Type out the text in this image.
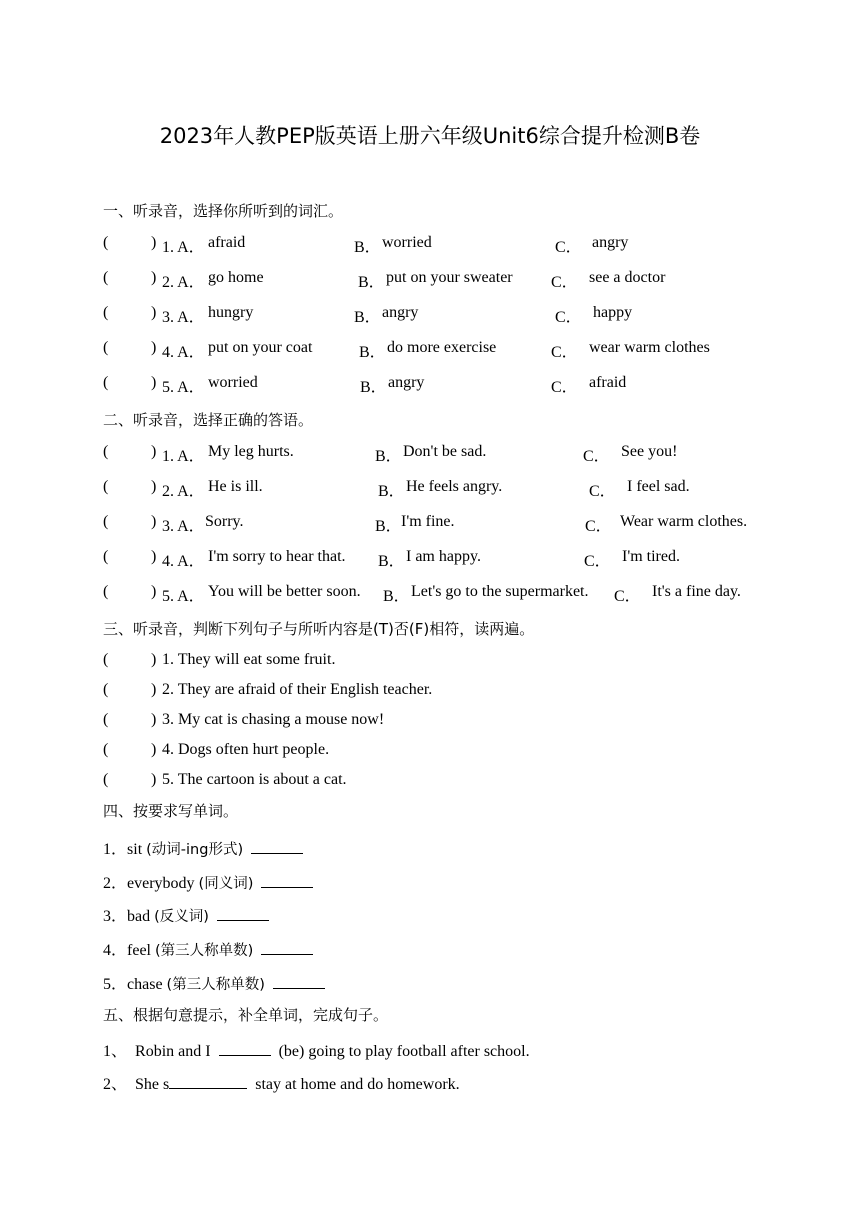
2023年人教PEP版英语上册六年级Unit6综合提升检测B卷
一、听录音，选择你所听到的词汇。
(	) 1. A． afraid	B． worried	C． angry
(	) 2. A． go home	B． put on your sweater C． see a doctor
(	) 3. A． hungry	B． angry	C． happy
(	) 4. A． put on your coat	B． do more exercise	C． wear warm clothes
(	) 5. A． worried	B． angry	C． afraid
二、听录音，选择正确的答语。
(	) 1. A． My leg hurts.	B． Don't be sad.	C． See you!
(	) 2. A． He is ill.	B． He feels angry.	C． I feel sad.
(	) 3. A． Sorry.	B． I'm fine.	C． Wear warm clothes.
(	) 4. A． I'm sorry to hear that. B． I am happy.	C． I'm tired.
(	) 5. A． You will be better soon. B． Let's go to the supermarket. C． It's a fine day.
三、听录音，判断下列句子与所听内容是(T)否(F)相符，读两遍。
(	) 1. They will eat some fruit.
(	) 2. They are afraid of their English teacher.
(	) 3. My cat is chasing a mouse now!
(	) 4. Dogs often hurt people.
(	) 5. The cartoon is about a cat.
四、按要求写单词。
1．sit (动词-ing形式)
2．everybody (同义词)
3．bad (反义词)
4．feel (第三人称单数)
5．chase (第三人称单数)
五、根据句意提示，补全单词，完成句子。
1、 Robin and I	(be) going to play football after school.
2、 She s	stay at home and do homework.
